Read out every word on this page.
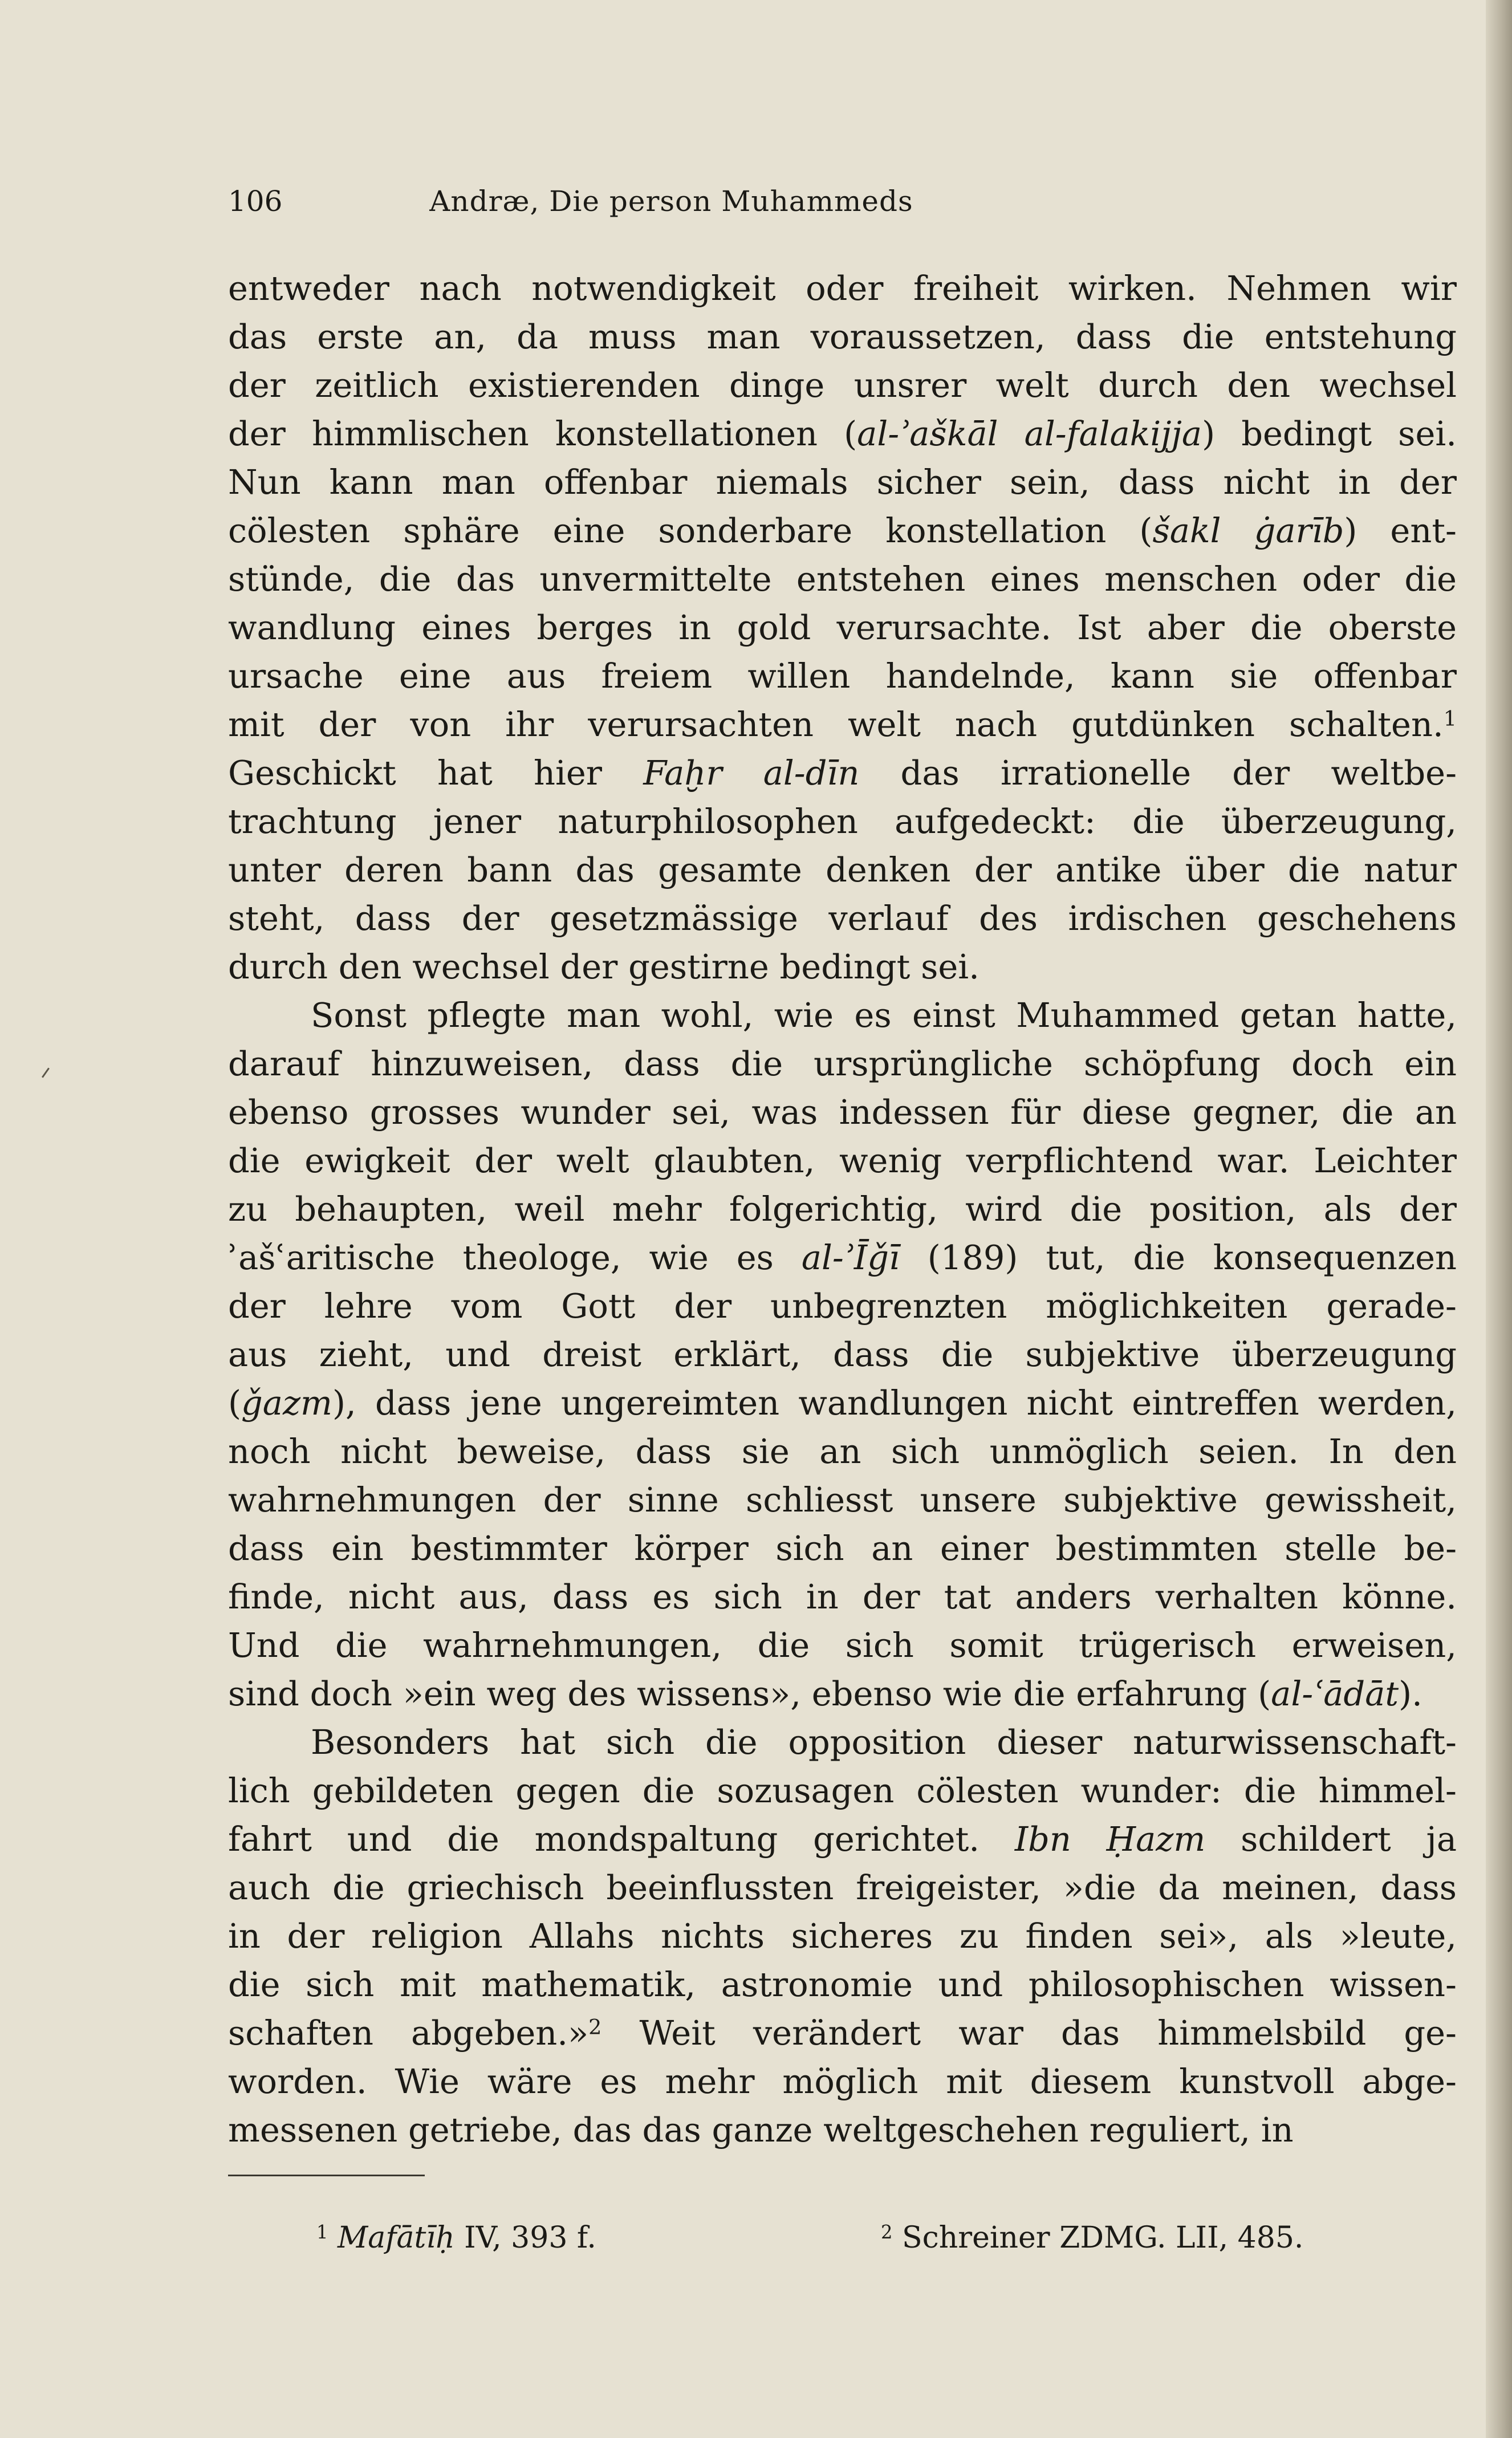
106	Andræ, Die person Muhammeds

entweder nach notwendigkeit oder freiheit wirken. Nehmen wir

das erste an, da muss man voraussetzen, dass die entstehung

der zeitlich existierenden dinge unsrer welt durch den wechsel

der himmlischen konstellationen (al-ʾaškāl al-falakijja) bedingt sei.

Nun kann man offenbar niemals sicher sein, dass nicht in der

cölesten sphäre eine sonderbare konstellation (šakl ġarīb) ent-

stünde, die das unvermittelte entstehen eines menschen oder die

wandlung eines berges in gold verursachte. Ist aber die oberste

ursache eine aus freiem willen handelnde, kann sie offenbar

mit der von ihr verursachten welt nach gutdünken schalten.$^1$

Geschickt hat hier Faḫr al-dīn das irrationelle der weltbe-

trachtung jener naturphilosophen aufgedeckt: die überzeugung,

unter deren bann das gesamte denken der antike über die natur

steht, dass der gesetzmässige verlauf des irdischen geschehens

durch den wechsel der gestirne bedingt sei.

Sonst pflegte man wohl, wie es einst Muhammed getan hatte,

darauf hinzuweisen, dass die ursprüngliche schöpfung doch ein

ebenso grosses wunder sei, was indessen für diese gegner, die an

die ewigkeit der welt glaubten, wenig verpflichtend war. Leichter

zu behaupten, weil mehr folgerichtig, wird die position, als der

ʾašʿaritische theologe, wie es al-ʾĪǧī (189) tut, die konsequenzen

der lehre vom Gott der unbegrenzten möglichkeiten gerade-

aus zieht, und dreist erklärt, dass die subjektive überzeugung

(ǧazm), dass jene ungereimten wandlungen nicht eintreffen werden,

noch nicht beweise, dass sie an sich unmöglich seien. In den

wahrnehmungen der sinne schliesst unsere subjektive gewissheit,

dass ein bestimmter körper sich an einer bestimmten stelle be-

finde, nicht aus, dass es sich in der tat anders verhalten könne.

Und die wahrnehmungen, die sich somit trügerisch erweisen,

sind doch »ein weg des wissens», ebenso wie die erfahrung (al-ʿādāt).

Besonders hat sich die opposition dieser naturwissenschaft-

lich gebildeten gegen die sozusagen cölesten wunder: die himmel-

fahrt und die mondspaltung gerichtet. Ibn Ḥazm schildert ja

auch die griechisch beeinflussten freigeister, »die da meinen, dass

in der religion Allahs nichts sicheres zu finden sei», als »leute,

die sich mit mathematik, astronomie und philosophischen wissen-

schaften abgeben.»$^2$ Weit verändert war das himmelsbild ge-

worden. Wie wäre es mehr möglich mit diesem kunstvoll abge-

messenen getriebe, das das ganze weltgeschehen reguliert, in

$^1$ Mafātīḥ IV, 393 f.	$^2$ Schreiner ZDMG. LII, 485.
